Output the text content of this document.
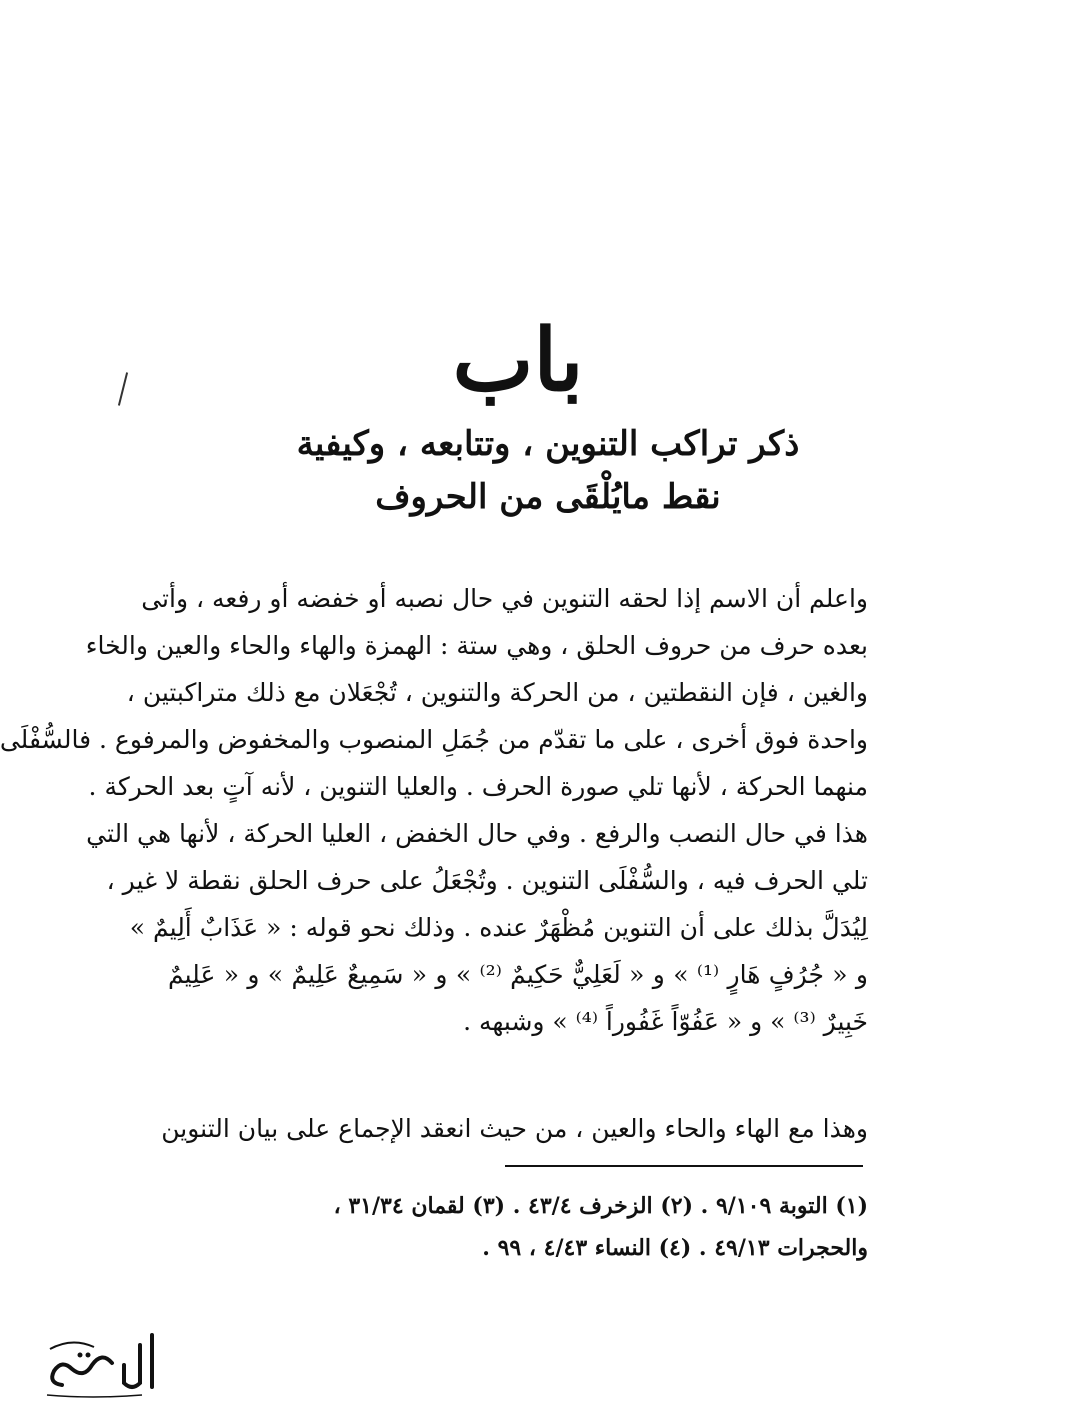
باب
ذكر تراكب التنوين ، وتتابعه ، وكيفية
نقط مايُلْقَى من الحروف
واعلم أن الاسم إذا لحقه التنوين في حال نصبه أو خفضه أو رفعه ، وأتى
بعده حرف من حروف الحلق ، وهي ستة : الهمزة والهاء والحاء والعين والخاء
والغين ، فإن النقطتين ، من الحركة والتنوين ، تُجْعَلان مع ذلك متراكبتين ،
واحدة فوق أخرى ، على ما تقدّم من جُمَلِ المنصوب والمخفوض والمرفوع . فالسُّفْلَى
منهما الحركة ، لأنها تلي صورة الحرف . والعليا التنوين ، لأنه آتٍ بعد الحركة .
هذا في حال النصب والرفع . وفي حال الخفض ، العليا الحركة ، لأنها هي التي
تلي الحرف فيه ، والسُّفْلَى التنوين . وتُجْعَلُ على حرف الحلق نقطة لا غير ،
لِيُدَلَّ بذلك على أن التنوين مُظْهَرٌ عنده . وذلك نحو قوله : « عَذَابٌ أَلِيمٌ »
و « جُرُفٍ هَارٍ ⁽¹⁾ » و « لَعَلِيٌّ حَكِيمٌ ⁽²⁾ » و « سَمِيعٌ عَلِيمٌ » و « عَلِيمٌ
خَبِيرٌ ⁽³⁾ » و « عَفُوّاً غَفُوراً ⁽⁴⁾ » وشبهه .
وهذا مع الهاء والحاء والعين ، من حيث انعقد الإجماع على بيان التنوين
(١) التوبة ٩/١٠٩ . (٢) الزخرف ٤٣/٤ . (٣) لقمان ٣١/٣٤ ،
والحجرات ٤٩/١٣ . (٤) النساء ٤/٤٣ ، ٩٩ .
